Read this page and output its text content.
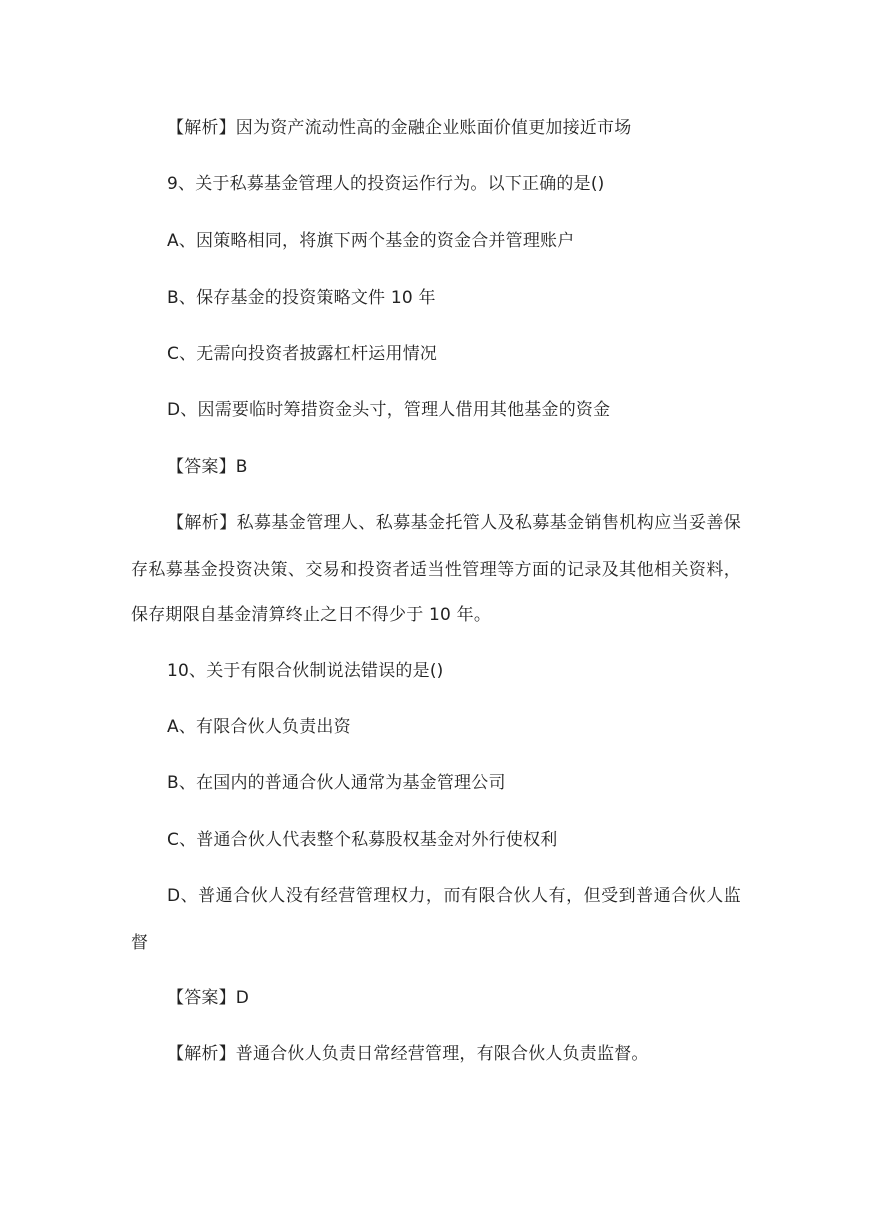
【解析】因为资产流动性高的金融企业账面价值更加接近市场
9、关于私募基金管理人的投资运作行为。以下正确的是()
A、因策略相同，将旗下两个基金的资金合并管理账户
B、保存基金的投资策略文件 10 年
C、无需向投资者披露杠杆运用情况
D、因需要临时筹措资金头寸，管理人借用其他基金的资金
【答案】B
【解析】私募基金管理人、私募基金托管人及私募基金销售机构应当妥善保
存私募基金投资决策、交易和投资者适当性管理等方面的记录及其他相关资料，
保存期限自基金清算终止之日不得少于 10 年。
10、关于有限合伙制说法错误的是()
A、有限合伙人负责出资
B、在国内的普通合伙人通常为基金管理公司
C、普通合伙人代表整个私募股权基金对外行使权利
D、普通合伙人没有经营管理权力，而有限合伙人有，但受到普通合伙人监
督
【答案】D
【解析】普通合伙人负责日常经营管理，有限合伙人负责监督。
